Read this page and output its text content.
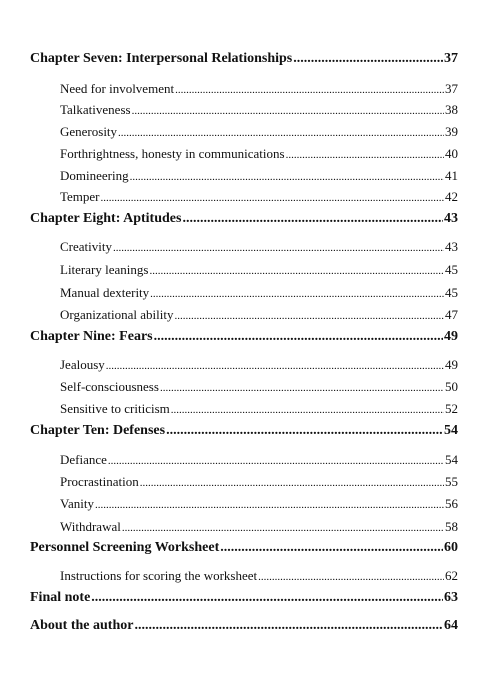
Chapter Seven: Interpersonal Relationships .....	37
Need for involvement .....	37
Talkativeness .....	38
Generosity .....	39
Forthrightness, honesty in communications .....	40
Domineering .....	41
Temper .....	42
Chapter Eight: Aptitudes .....	43
Creativity .....	43
Literary leanings .....	45
Manual dexterity .....	45
Organizational ability .....	47
Chapter Nine: Fears .....	49
Jealousy .....	49
Self-consciousness .....	50
Sensitive to criticism .....	52
Chapter Ten: Defenses .....	54
Defiance .....	54
Procrastination .....	55
Vanity .....	56
Withdrawal .....	58
Personnel Screening Worksheet .....	60
Instructions for scoring the worksheet .....	62
Final note .....	63
About the author .....	64
